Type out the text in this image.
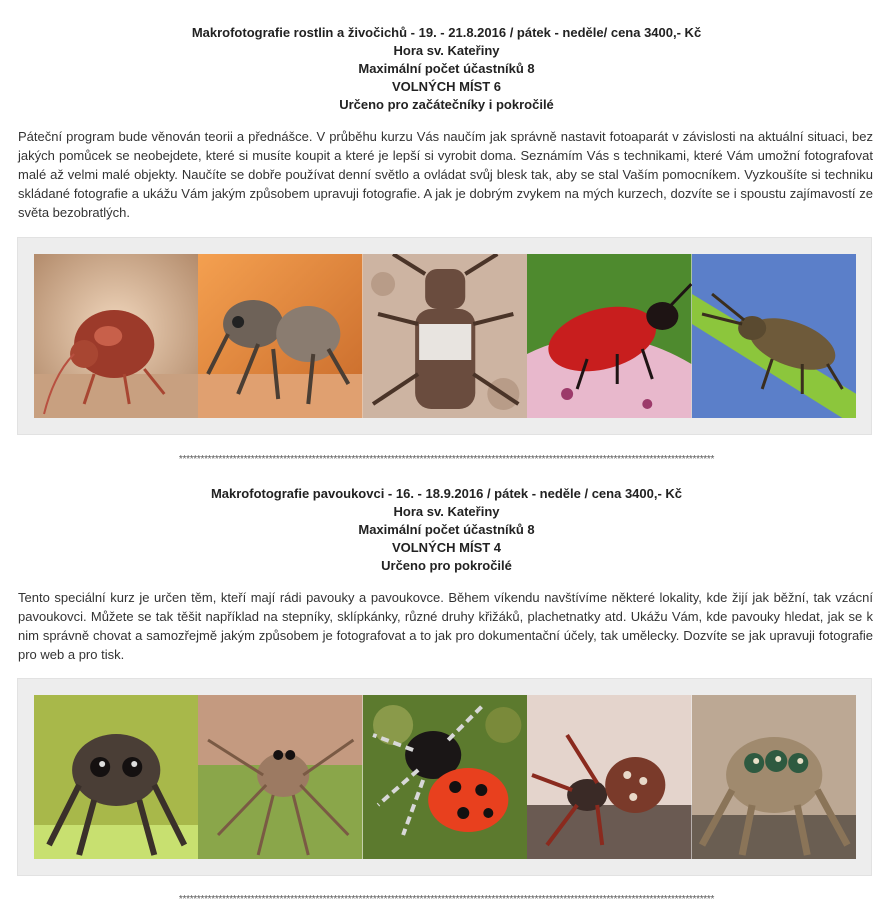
Makrofotografie rostlin a živočichů - 19. - 21.8.2016 / pátek - neděle/ cena 3400,- Kč
Hora sv. Kateřiny
Maximální počet účastníků 8
VOLNÝCH MÍST 6
Určeno pro začátečníky i pokročilé
Páteční program bude věnován teorii a přednášce. V průběhu kurzu Vás naučím jak správně nastavit fotoaparát v závislosti na aktuální situaci, bez jakých pomůcek se neobejdete, které si musíte koupit a které je lepší si vyrobit doma. Seznámím Vás s technikami, které Vám umožní fotografovat malé až velmi malé objekty. Naučíte se dobře používat denní světlo a ovládat svůj blesk tak, aby se stal Vaším pomocníkem. Vyzkoušíte si techniku skládané fotografie a ukážu Vám jakým způsobem upravuji fotografie. A jak je dobrým zvykem na mých kurzech, dozvíte se i spoustu zajímavostí ze světa bezobratlých.
*****************************************************************************************************************************************************
Makrofotografie pavoukovci - 16. - 18.9.2016 / pátek - neděle / cena 3400,- Kč
Hora sv. Kateřiny
Maximální počet účastníků 8
VOLNÝCH MÍST 4
Určeno pro pokročilé
Tento speciální kurz je určen těm, kteří mají rádi pavouky a pavoukovce. Během víkendu navštívíme některé lokality, kde žijí jak běžní, tak vzácní pavoukovci. Můžete se tak těšit například na stepníky, sklípkánky, různé druhy křižáků, plachetnatky atd. Ukážu Vám, kde pavouky hledat, jak se k nim správně chovat a samozřejmě jakým způsobem je fotografovat a to jak pro dokumentační účely, tak umělecky. Dozvíte se jak upravuji fotografie pro web a pro tisk.
*****************************************************************************************************************************************************
